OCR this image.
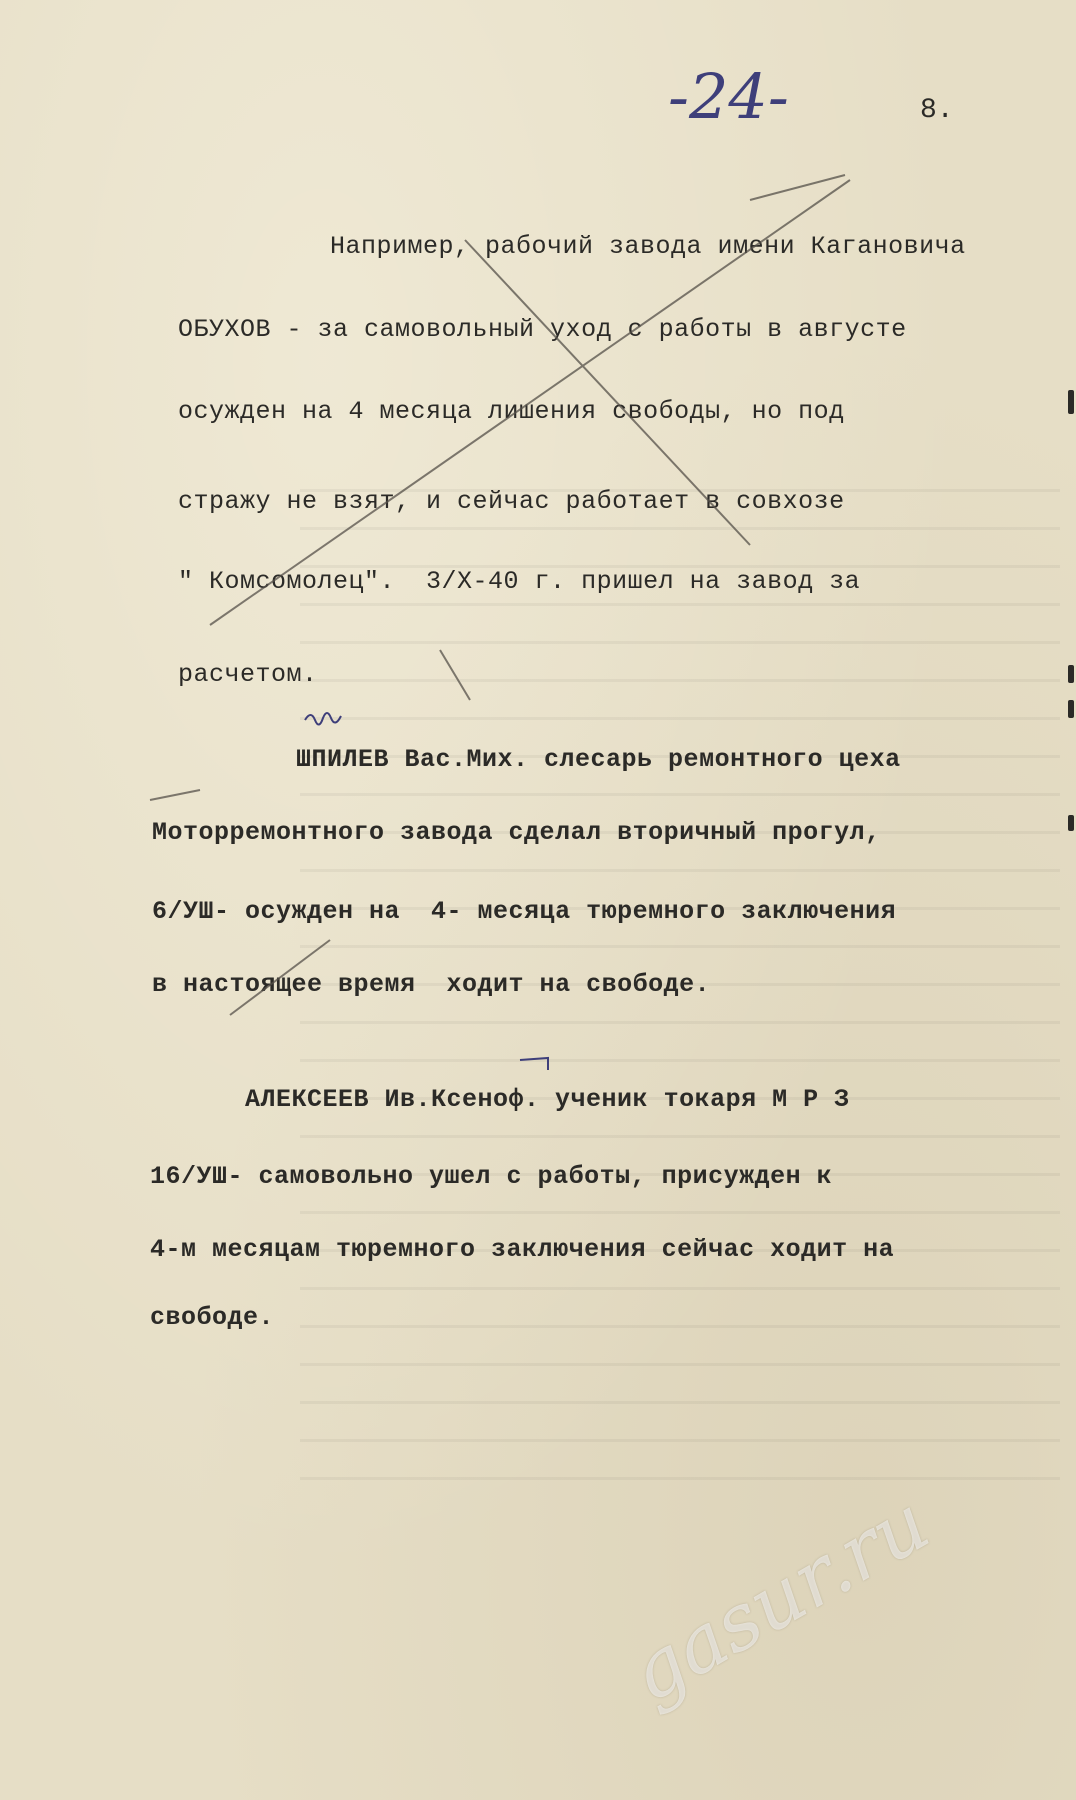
-24-	8.
Например, рабочий завода имени Кагановича
ОБУХОВ - за самовольный уход с работы в августе
осужден на 4 месяца лишения свободы, но под
стражу не взят, и сейчас работает в совхозе
" Комсомолец".  3/Х-40 г. пришел на завод за
расчетом.
ШПИЛЕВ Вас.Мих. слесарь ремонтного цеха
Моторремонтного завода сделал вторичный прогул,
6/УШ- осужден на  4- месяца тюремного заключения
в настоящее время  ходит на свободе.
АЛЕКСЕЕВ Ив.Ксеноф. ученик токаря М Р З
16/УШ- самовольно ушел с работы, присужден к
4-м месяцам тюремного заключения сейчас ходит на
свободе.
gasur.ru
